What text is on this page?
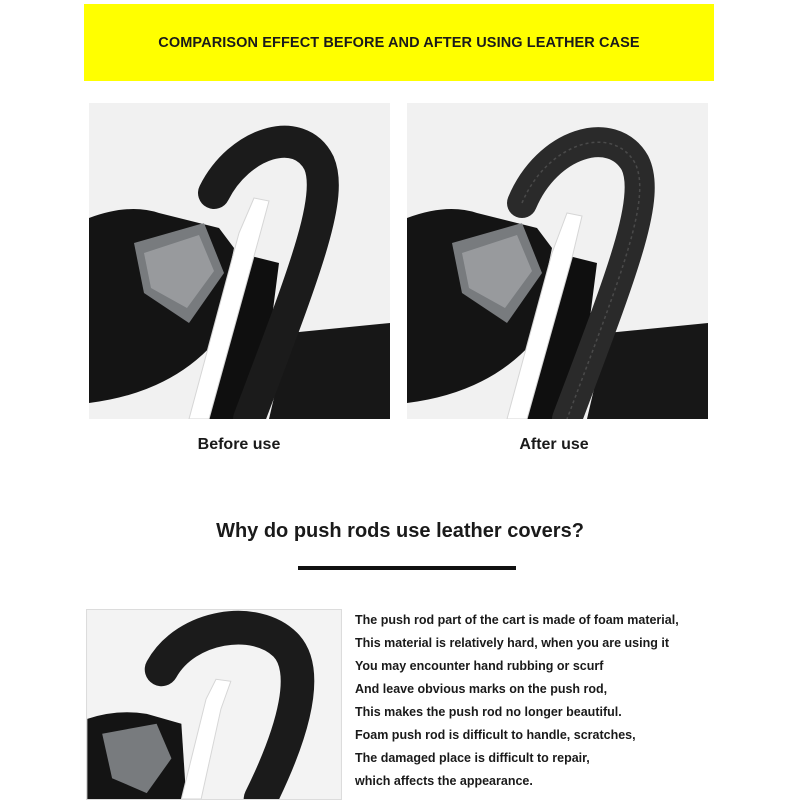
COMPARISON EFFECT BEFORE AND AFTER USING LEATHER CASE
Before use	After use
Why do push rods use leather covers?
The push rod part of the cart is made of foam material,
This material is relatively hard, when you are using it
You may encounter hand rubbing or scurf
And leave obvious marks on the push rod,
This makes the push rod no longer beautiful.
Foam push rod is difficult to handle, scratches,
The damaged place is difficult to repair,
which affects the appearance.
